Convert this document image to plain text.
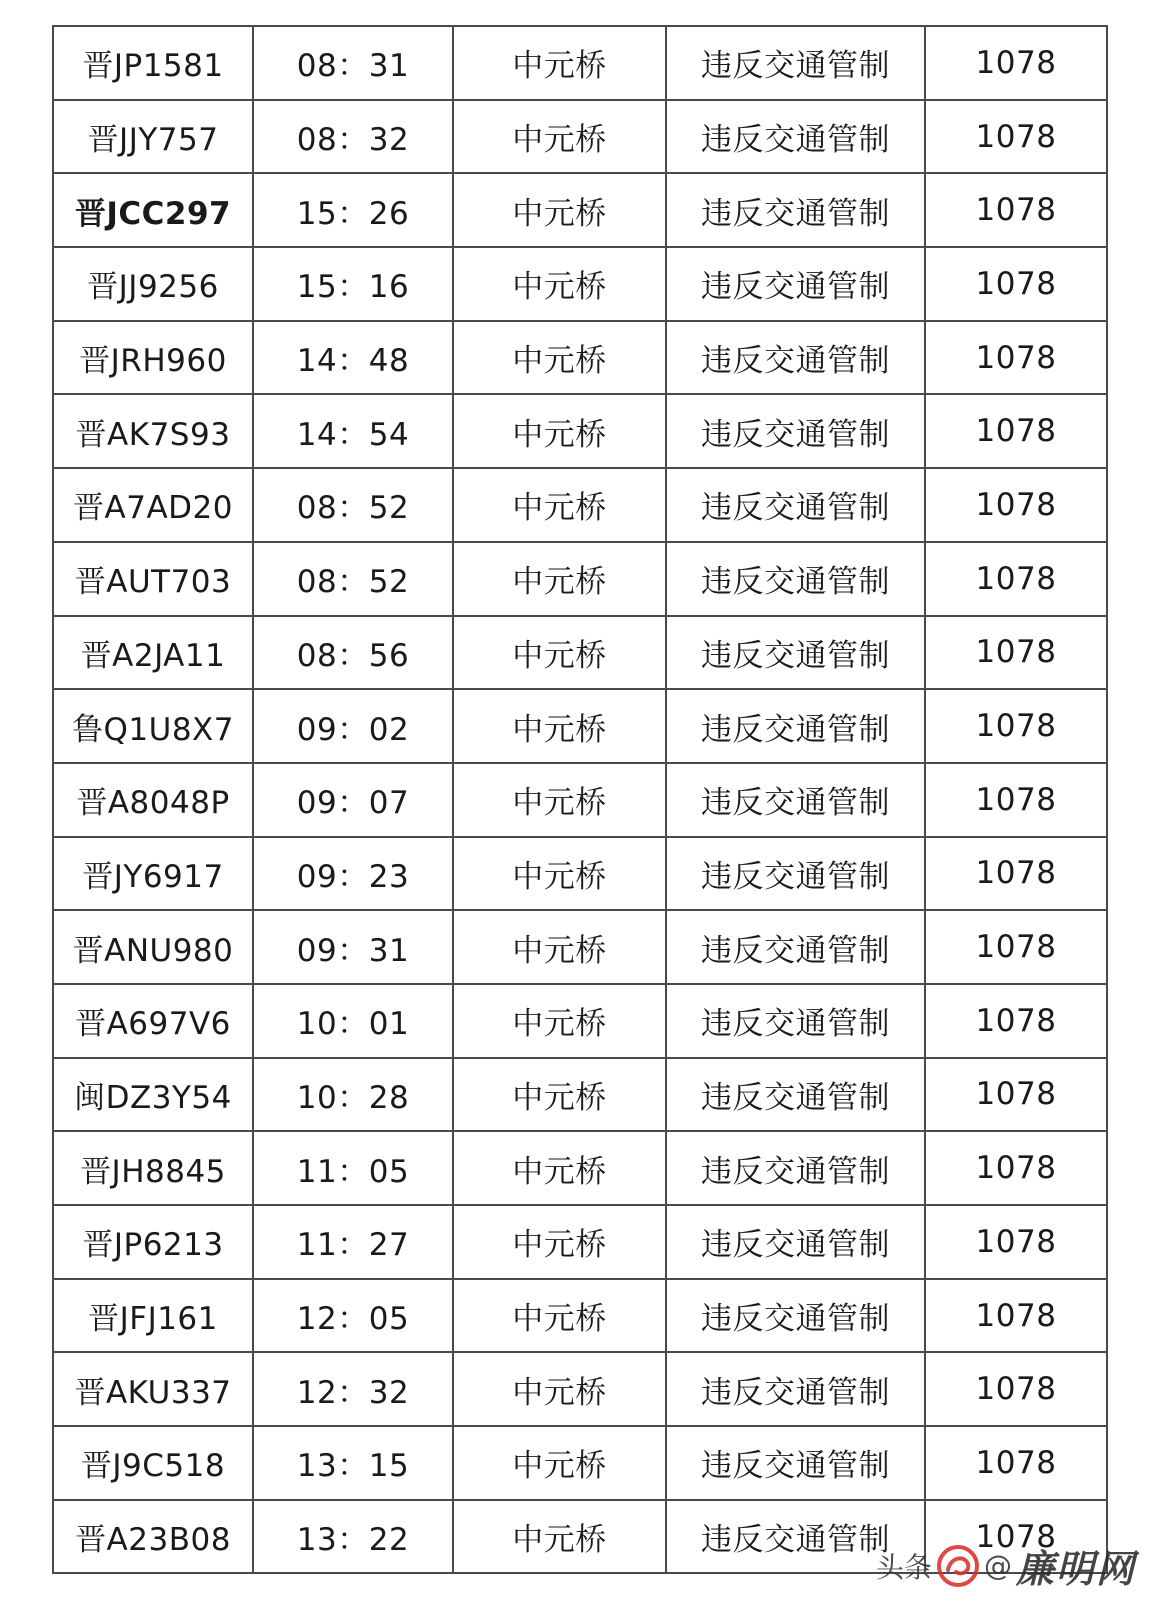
晋JP1581	08：31	中元桥	违反交通管制	1078
晋JJY757	08：32	中元桥	违反交通管制	1078
晋JCC297	15：26	中元桥	违反交通管制	1078
晋JJ9256	15：16	中元桥	违反交通管制	1078
晋JRH960	14：48	中元桥	违反交通管制	1078
晋AK7S93	14：54	中元桥	违反交通管制	1078
晋A7AD20	08：52	中元桥	违反交通管制	1078
晋AUT703	08：52	中元桥	违反交通管制	1078
晋A2JA11	08：56	中元桥	违反交通管制	1078
鲁Q1U8X7	09：02	中元桥	违反交通管制	1078
晋A8048P	09：07	中元桥	违反交通管制	1078
晋JY6917	09：23	中元桥	违反交通管制	1078
晋ANU980	09：31	中元桥	违反交通管制	1078
晋A697V6	10：01	中元桥	违反交通管制	1078
闽DZ3Y54	10：28	中元桥	违反交通管制	1078
晋JH8845	11：05	中元桥	违反交通管制	1078
晋JP6213	11：27	中元桥	违反交通管制	1078
晋JFJ161	12：05	中元桥	违反交通管制	1078
晋AKU337	12：32	中元桥	违反交通管制	1078
晋J9C518	13：15	中元桥	违反交通管制	1078
晋A23B08	13：22	中元桥	违反交通管制	1078
头条 @ 廉明网
